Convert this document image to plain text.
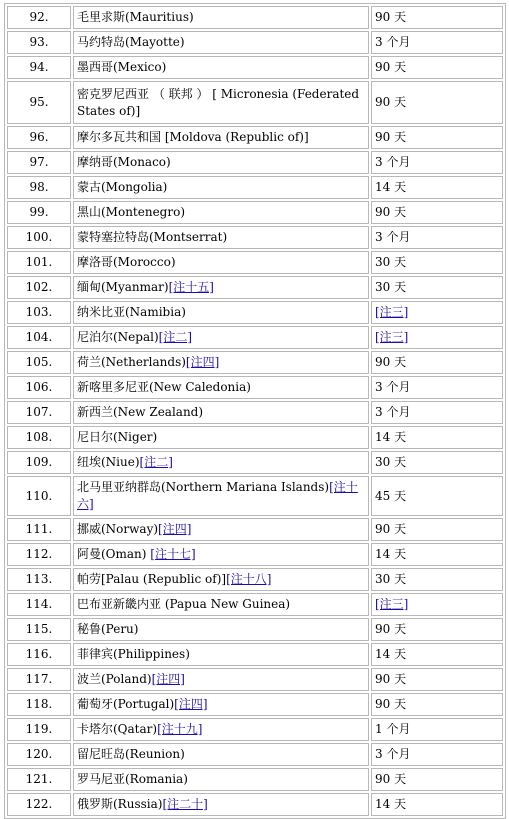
92.	毛里求斯(Mauritius)	90 天
93.	马约特岛(Mayotte)	3 个月
94.	墨西哥(Mexico)	90 天
95.	密克罗尼西亚 （ 联邦 ） [ Micronesia (Federated States of)]	90 天
96.	摩尔多瓦共和国 [Moldova (Republic of)]	90 天
97.	摩纳哥(Monaco)	3 个月
98.	蒙古(Mongolia)	14 天
99.	黑山(Montenegro)	90 天
100.	蒙特塞拉特岛(Montserrat)	3 个月
101.	摩洛哥(Morocco)	30 天
102.	缅甸(Myanmar)[注十五]	30 天
103.	纳米比亚(Namibia)	[注三]
104.	尼泊尔(Nepal)[注二]	[注三]
105.	荷兰(Netherlands)[注四]	90 天
106.	新喀里多尼亚(New Caledonia)	3 个月
107.	新西兰(New Zealand)	3 个月
108.	尼日尔(Niger)	14 天
109.	纽埃(Niue)[注二]	30 天
110.	北马里亚纳群岛(Northern Mariana Islands)[注十六]	45 天
111.	挪威(Norway)[注四]	90 天
112.	阿曼(Oman) [注十七]	14 天
113.	帕劳[Palau (Republic of)][注十八]	30 天
114.	巴布亚新畿内亚 (Papua New Guinea)	[注三]
115.	秘鲁(Peru)	90 天
116.	菲律宾(Philippines)	14 天
117.	波兰(Poland)[注四]	90 天
118.	葡萄牙(Portugal)[注四]	90 天
119.	卡塔尔(Qatar)[注十九]	1 个月
120.	留尼旺岛(Reunion)	3 个月
121.	罗马尼亚(Romania)	90 天
122.	俄罗斯(Russia)[注二十]	14 天
